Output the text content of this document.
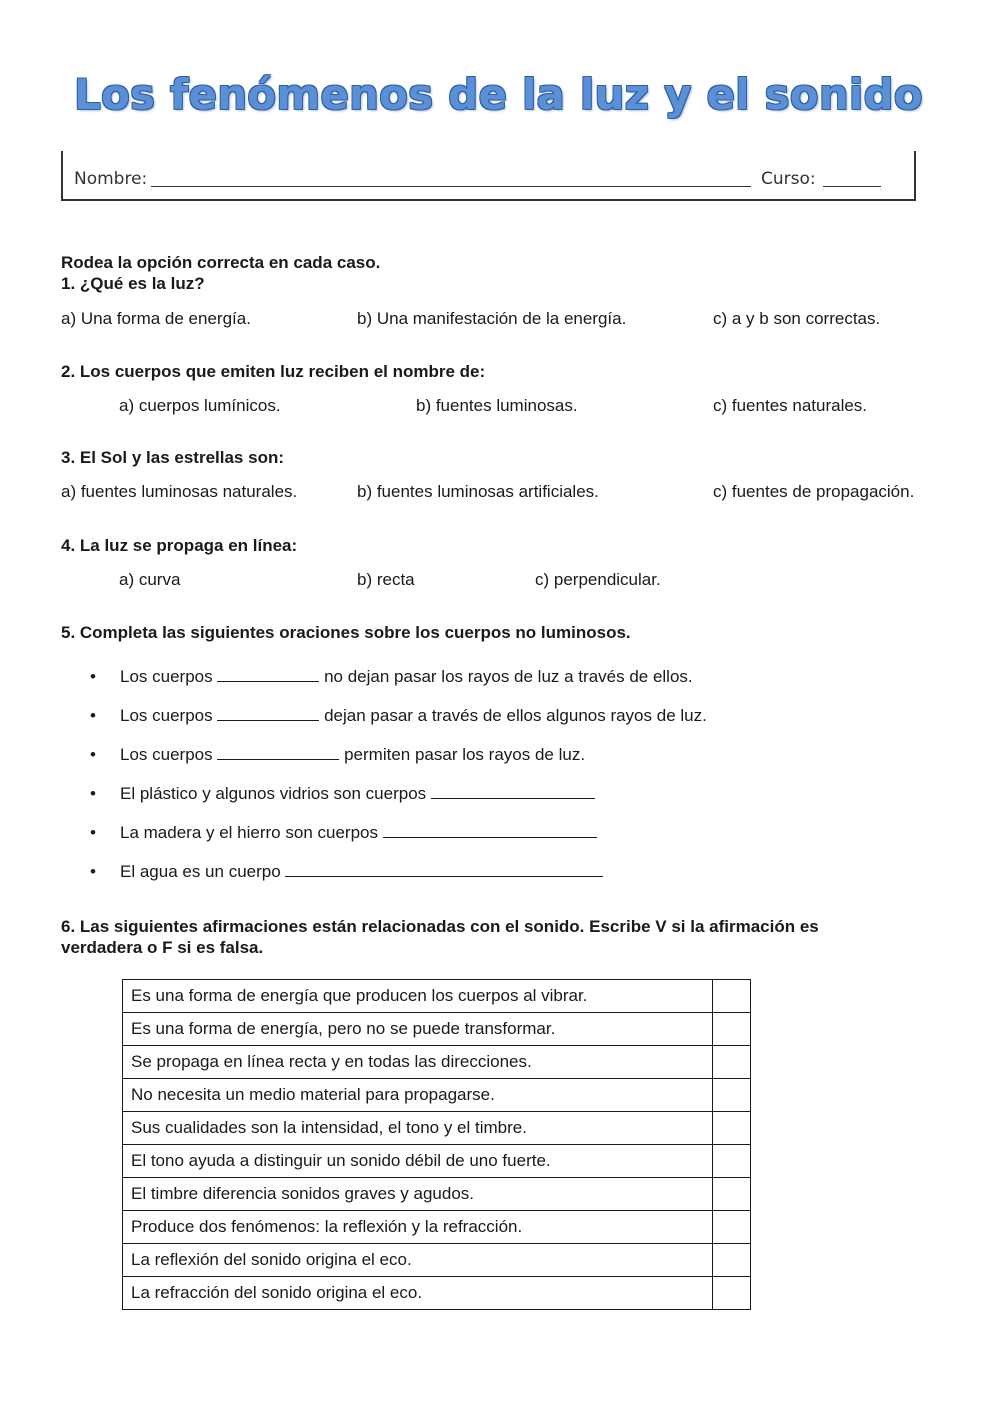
Los fenómenos de la luz y el sonido
Nombre:	Curso:
Rodea la opción correcta en cada caso.
1. ¿Qué es la luz?
a) Una forma de energía.	b) Una manifestación de la energía.	c) a y b son correctas.
2. Los cuerpos que emiten luz reciben el nombre de:
a) cuerpos lumínicos.	b) fuentes luminosas.	c) fuentes naturales.
3. El Sol y las estrellas son:
a) fuentes luminosas naturales.	b) fuentes luminosas artificiales.	c) fuentes de propagación.
4. La luz se propaga en línea:
a) curva	b) recta	c) perpendicular.
5. Completa las siguientes oraciones sobre los cuerpos no luminosos.
• Los cuerpos	no dejan pasar los rayos de luz a través de ellos.
• Los cuerpos	dejan pasar a través de ellos algunos rayos de luz.
• Los cuerpos	permiten pasar los rayos de luz.
• El plástico y algunos vidrios son cuerpos
• La madera y el hierro son cuerpos
• El agua es un cuerpo
6. Las siguientes afirmaciones están relacionadas con el sonido. Escribe V si la afirmación es
verdadera o F si es falsa.
Es una forma de energía que producen los cuerpos al vibrar.	
Es una forma de energía, pero no se puede transformar.	
Se propaga en línea recta y en todas las direcciones.	
No necesita un medio material para propagarse.	
Sus cualidades son la intensidad, el tono y el timbre.	
El tono ayuda a distinguir un sonido débil de uno fuerte.	
El timbre diferencia sonidos graves y agudos.	
Produce dos fenómenos: la reflexión y la refracción.	
La reflexión del sonido origina el eco.	
La refracción del sonido origina el eco.	
